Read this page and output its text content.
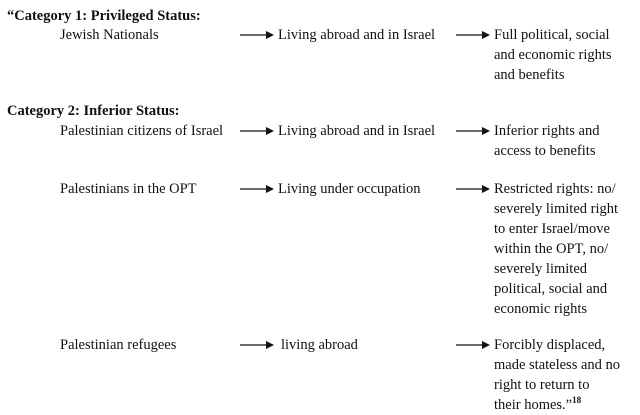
“Category 1: Privileged Status:
Jewish Nationals	Living abroad and in Israel	Full political, social
and economic rights
and benefits
Category 2: Inferior Status:
Palestinian citizens of Israel	Living abroad and in Israel	Inferior rights and
access to benefits
Palestinians in the OPT	Living under occupation	Restricted rights: no/
severely limited right
to enter Israel/move
within the OPT, no/
severely limited
political, social and
economic rights
Palestinian refugees	living abroad	Forcibly displaced,
made stateless and no
right to return to
their homes.”$^{18}$
